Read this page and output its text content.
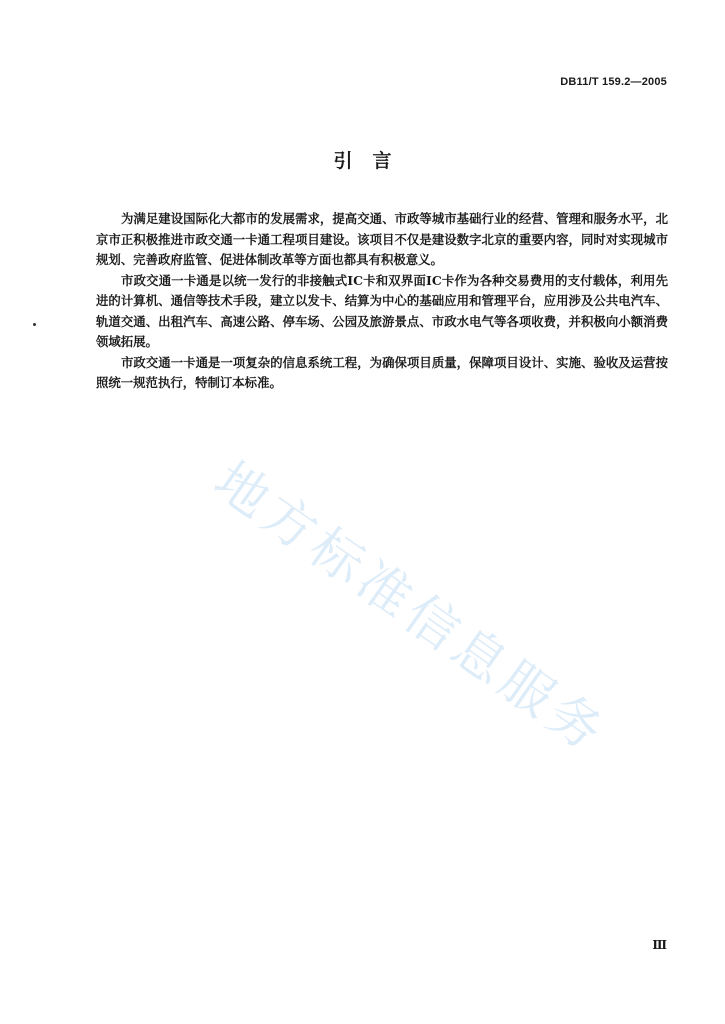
DB11/T 159.2—2005
引言

为满足建设国际化大都市的发展需求，提高交通、市政等城市基础行业的经营、管理和服务水平，北京市正积极推进市政交通一卡通工程项目建设。该项目不仅是建设数字北京的重要内容，同时对实现城市规划、完善政府监管、促进体制改革等方面也都具有积极意义。

市政交通一卡通是以统一发行的非接触式IC卡和双界面IC卡作为各种交易费用的支付载体，利用先进的计算机、通信等技术手段，建立以发卡、结算为中心的基础应用和管理平台，应用涉及公共电汽车、轨道交通、出租汽车、高速公路、停车场、公园及旅游景点、市政水电气等各项收费，并积极向小额消费领域拓展。

市政交通一卡通是一项复杂的信息系统工程，为确保项目质量，保障项目设计、实施、验收及运营按照统一规范执行，特制订本标准。

地方标准信息服务
Ⅲ
